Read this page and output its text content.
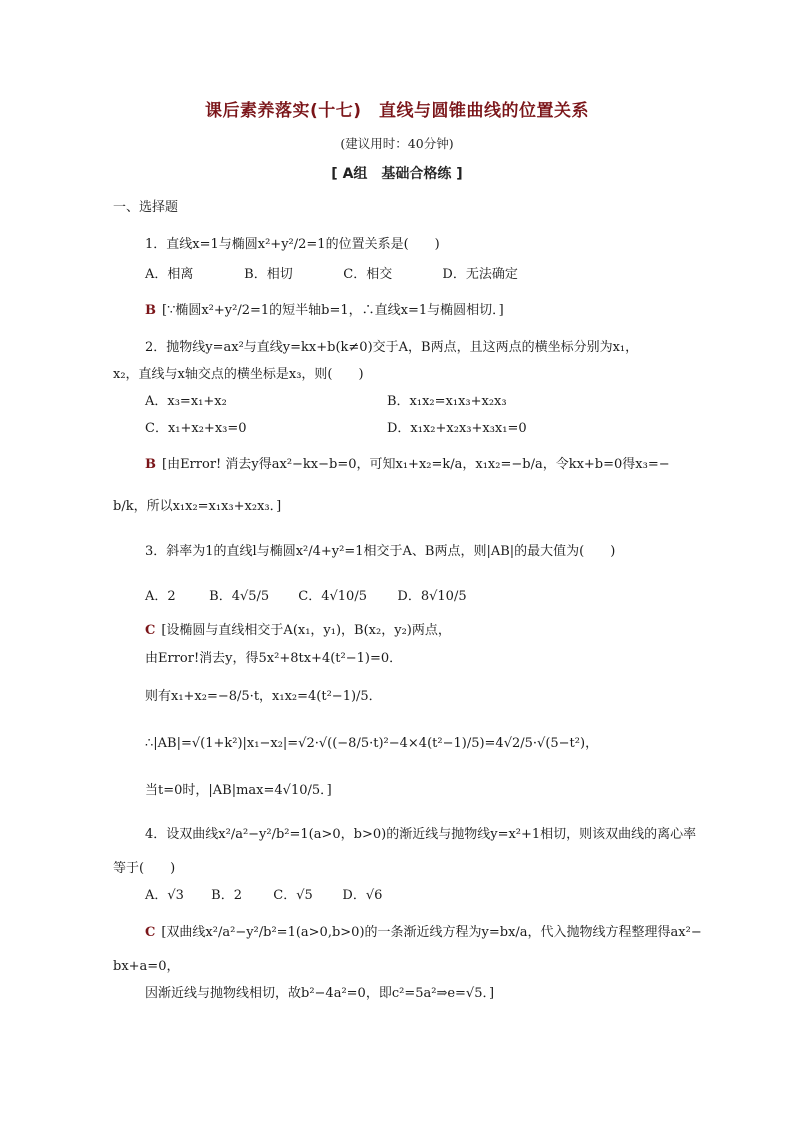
课后素养落实(十七)　直线与圆锥曲线的位置关系
(建议用时：40分钟)
[ A组　基础合格练 ]
一、选择题
1．直线x=1与椭圆x²+y²/2=1的位置关系是(　　)
A．相离	B．相切	C．相交	D．无法确定
B [∵椭圆x²+y²/2=1的短半轴b=1，∴直线x=1与椭圆相切．]
2．抛物线y=ax²与直线y=kx+b(k≠0)交于A，B两点，且这两点的横坐标分别为x₁，
x₂，直线与x轴交点的横坐标是x₃，则(　　)
A．x₃=x₁+x₂	B．x₁x₂=x₁x₃+x₂x₃
C．x₁+x₂+x₃=0	D．x₁x₂+x₂x₃+x₃x₁=0
B [由Error! 消去y得ax²−kx−b=0，可知x₁+x₂=k/a，x₁x₂=−b/a，令kx+b=0得x₃=−
b/k，所以x₁x₂=x₁x₃+x₂x₃．]
3．斜率为1的直线l与椭圆x²/4+y²=1相交于A、B两点，则|AB|的最大值为(　　)
A．2	B．4√5/5 C．4√10/5 D．8√10/5
C [设椭圆与直线相交于A(x₁，y₁)，B(x₂，y₂)两点，
由Error!消去y，得5x²+8tx+4(t²−1)=0．
则有x₁+x₂=−8/5·t，x₁x₂=4(t²−1)/5．
∴|AB|=√(1+k²)|x₁−x₂|=√2·√((−8/5·t)²−4×4(t²−1)/5)=4√2/5·√(5−t²)，
当t=0时，|AB|max=4√10/5．]
4．设双曲线x²/a²−y²/b²=1(a>0，b>0)的渐近线与抛物线y=x²+1相切，则该双曲线的离心率
等于(　　)
A．√3 B．2 C．√5 D．√6
C [双曲线x²/a²−y²/b²=1(a>0,b>0)的一条渐近线方程为y=bx/a，代入抛物线方程整理得ax²−
bx+a=0，
因渐近线与抛物线相切，故b²−4a²=0，即c²=5a²⇒e=√5．]
